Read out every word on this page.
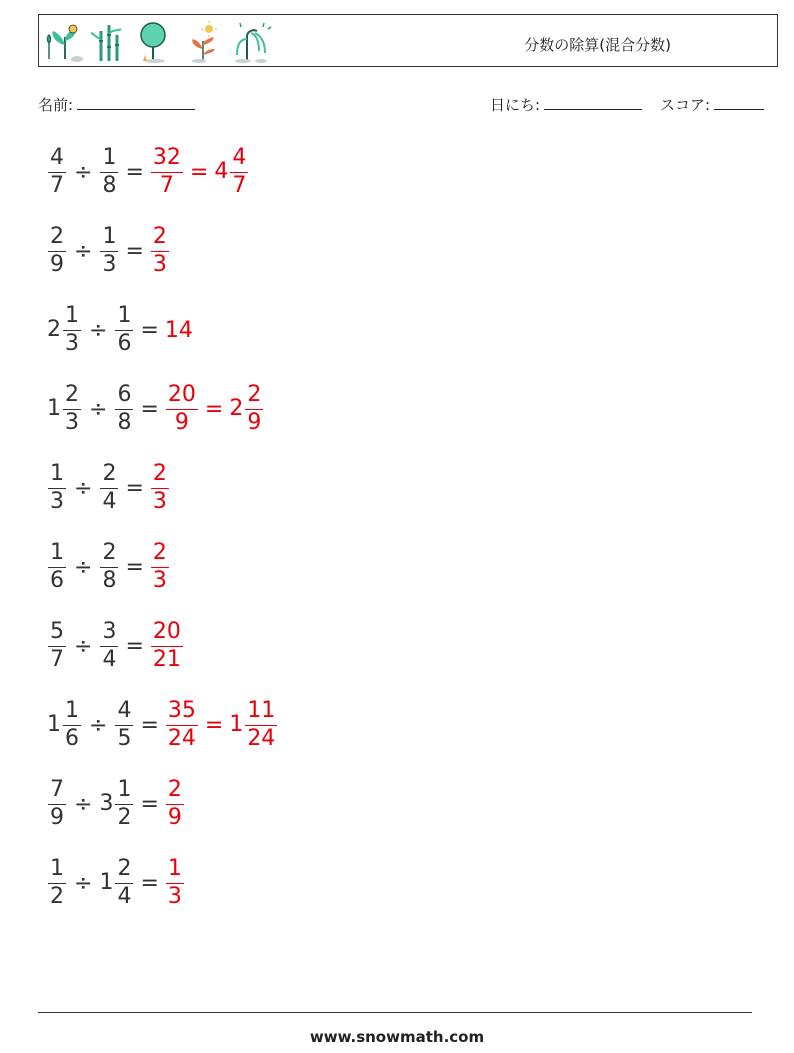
分数の除算(混合分数)
名前:	日にち:	スコア:
$\frac{4}{7} \div \frac{1}{8} = \frac{32}{7} = 4 \frac{4}{7}$
$\frac{2}{9} \div \frac{1}{3} = \frac{2}{3}$
$2 \frac{1}{3} \div \frac{1}{6} = 14$
$1 \frac{2}{3} \div \frac{6}{8} = \frac{20}{9} = 2 \frac{2}{9}$
$\frac{1}{3} \div \frac{2}{4} = \frac{2}{3}$
$\frac{1}{6} \div \frac{2}{8} = \frac{2}{3}$
$\frac{5}{7} \div \frac{3}{4} = \frac{20}{21}$
$1 \frac{1}{6} \div \frac{4}{5} = \frac{35}{24} = 1 \frac{11}{24}$
$\frac{7}{9} \div 3 \frac{1}{2} = \frac{2}{9}$
$\frac{1}{2} \div 1 \frac{2}{4} = \frac{1}{3}$
www.snowmath.com
